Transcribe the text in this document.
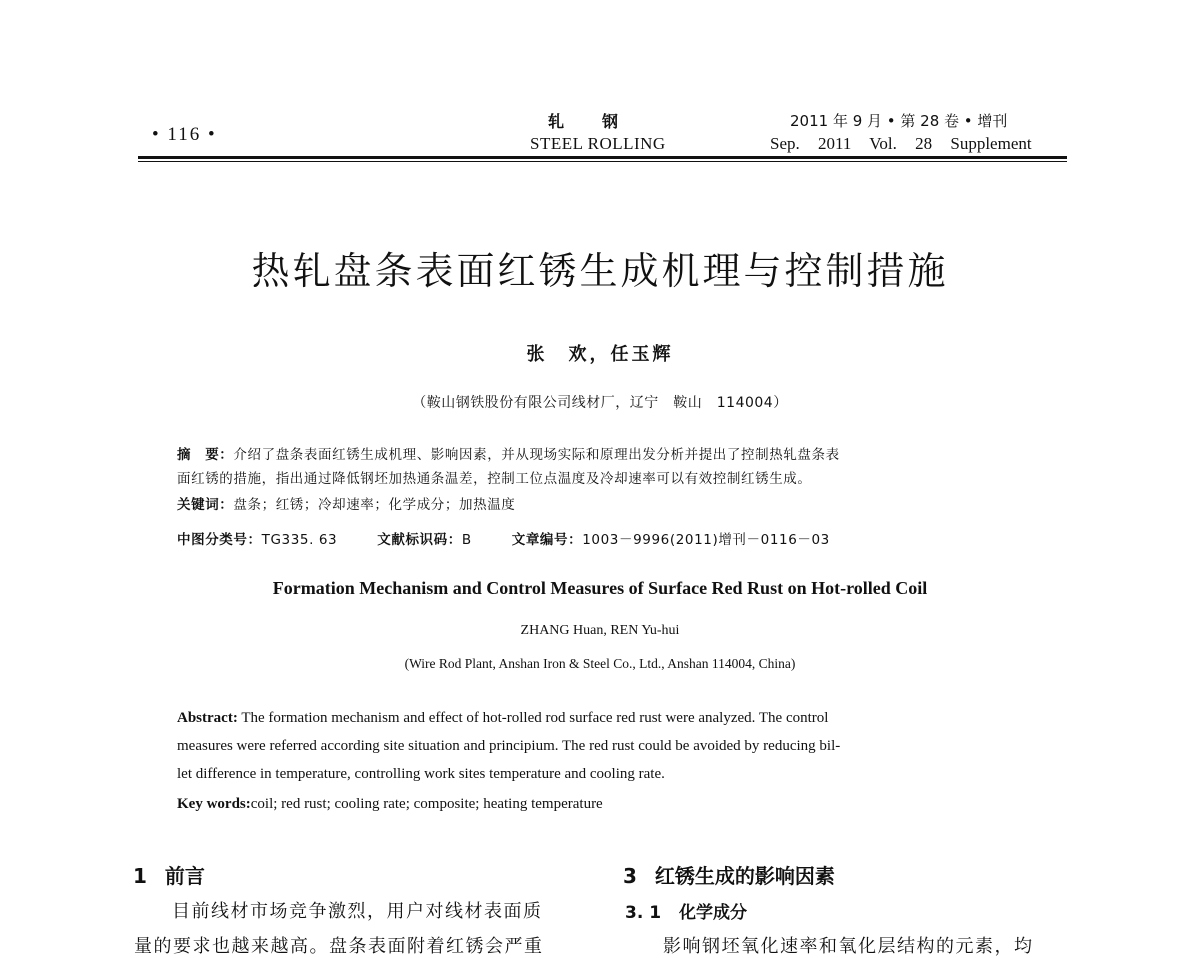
• 116 •
轧钢
STEEL ROLLING
2011 年 9 月 • 第 28 卷 • 增刊
Sep. 2011 Vol. 28 Supplement
热轧盘条表面红锈生成机理与控制措施
张　欢，任玉辉
（鞍山钢铁股份有限公司线材厂，辽宁　鞍山　114004）
摘　要：介绍了盘条表面红锈生成机理、影响因素，并从现场实际和原理出发分析并提出了控制热轧盘条表
面红锈的措施，指出通过降低钢坯加热通条温差，控制工位点温度及冷却速率可以有效控制红锈生成。
关键词：盘条；红锈；冷却速率；化学成分；加热温度
中图分类号：TG335. 63	文献标识码：B	文章编号：1003－9996(2011)增刊－0116－03
Formation Mechanism and Control Measures of Surface Red Rust on Hot-rolled Coil
ZHANG Huan, REN Yu-hui
(Wire Rod Plant, Anshan Iron & Steel Co., Ltd., Anshan 114004, China)
Abstract: The formation mechanism and effect of hot-rolled rod surface red rust were analyzed. The control
measures were referred according site situation and principium. The red rust could be avoided by reducing bil-
let difference in temperature, controlling work sites temperature and cooling rate.
Key words:coil; red rust; cooling rate; composite; heating temperature
1 前言
目前线材市场竞争激烈，用户对线材表面质
量的要求也越来越高。盘条表面附着红锈会严重
3 红锈生成的影响因素
3. 1 化学成分
影响钢坯氧化速率和氧化层结构的元素，均
